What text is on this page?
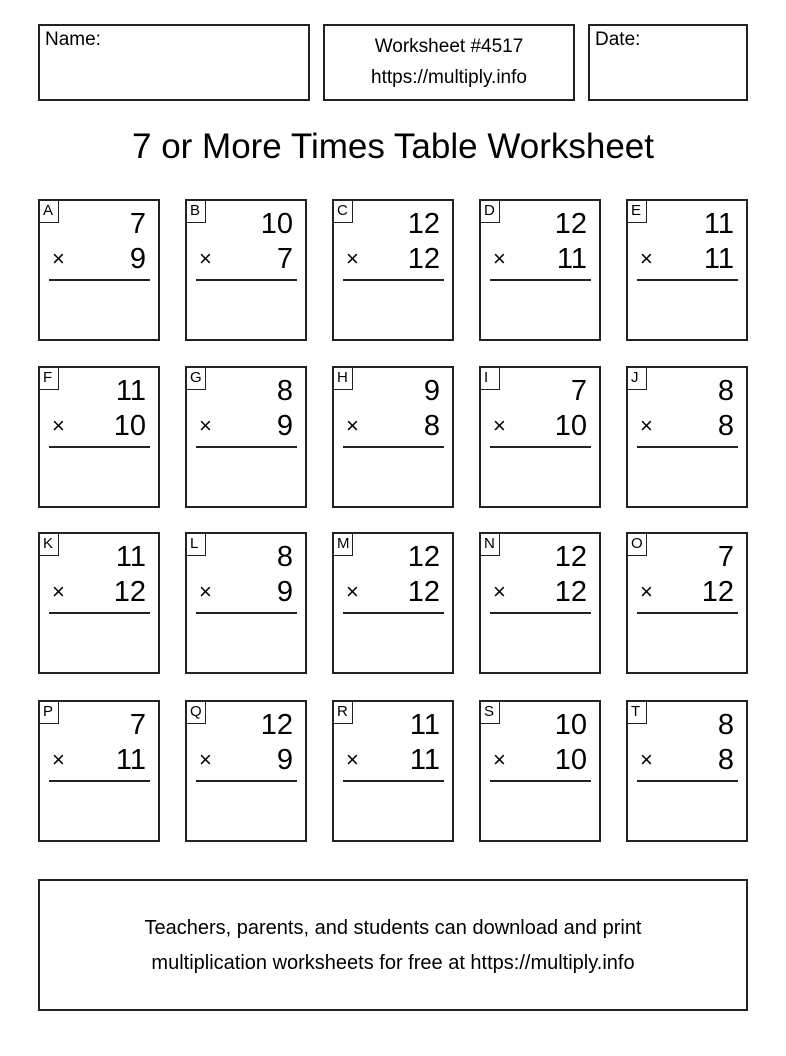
Name:	Worksheet #4517
https://multiply.info
Date:
7 or More Times Table Worksheet
A	7
× 9
B 10
× 7
C 12
× 12
D 12
× 11
E 11
× 11
F 11
× 10
G	8
× 9
H	9
× 8
I	7
× 10
J	8
× 8
K 11
× 12
L	8
× 9
M 12
× 12
N 12
× 12
O	7
× 12
P	7
× 11
Q 12
× 9
R 11
× 11
S 10
× 10
T	8
× 8
Teachers, parents, and students can download and print
multiplication worksheets for free at https://multiply.info
